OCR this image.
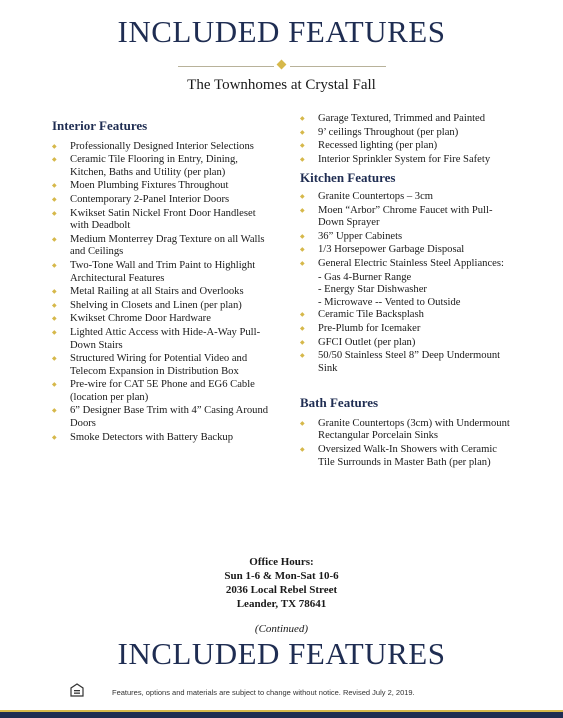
INCLUDED FEATURES
The Townhomes at Crystal Fall
Interior Features
◆ Professionally Designed Interior Selections
◆ Ceramic Tile Flooring in Entry, Dining, Kitchen, Baths and Utility (per plan)
◆ Moen Plumbing Fixtures Throughout
◆ Contemporary 2-Panel Interior Doors
◆ Kwikset Satin Nickel Front Door Handleset with Deadbolt
◆ Medium Monterrey Drag Texture on all Walls and Ceilings
◆ Two-Tone Wall and Trim Paint to Highlight Architectural Features
◆ Metal Railing at all Stairs and Overlooks
◆ Shelving in Closets and Linen (per plan)
◆ Kwikset Chrome Door Hardware
◆ Lighted Attic Access with Hide-A-Way Pull-Down Stairs
◆ Structured Wiring for Potential Video and Telecom Expansion in Distribution Box
◆ Pre-wire for CAT 5E Phone and EG6 Cable (location per plan)
◆ 6” Designer Base Trim with 4” Casing Around Doors
◆ Smoke Detectors with Battery Backup
◆ Garage Textured, Trimmed and Painted
◆ 9’ ceilings Throughout (per plan)
◆ Recessed lighting (per plan)
◆ Interior Sprinkler System for Fire Safety
Kitchen Features
◆ Granite Countertops – 3cm
◆ Moen “Arbor” Chrome Faucet with Pull-Down Sprayer
◆ 36” Upper Cabinets
◆ 1/3 Horsepower Garbage Disposal
◆ General Electric Stainless Steel Appliances:
- Gas 4-Burner Range
- Energy Star Dishwasher
- Microwave -- Vented to Outside
◆ Ceramic Tile Backsplash
◆ Pre-Plumb for Icemaker
◆ GFCI Outlet (per plan)
◆ 50/50 Stainless Steel 8” Deep Undermount Sink
Bath Features
◆ Granite Countertops (3cm) with Undermount Rectangular Porcelain Sinks
◆ Oversized Walk-In Showers with Ceramic Tile Surrounds in Master Bath (per plan)
Office Hours:
Sun 1-6 & Mon-Sat 10-6
2036 Local Rebel Street
Leander, TX 78641
(Continued)
INCLUDED FEATURES
Features, options and materials are subject to change without notice. Revised July 2, 2019.
